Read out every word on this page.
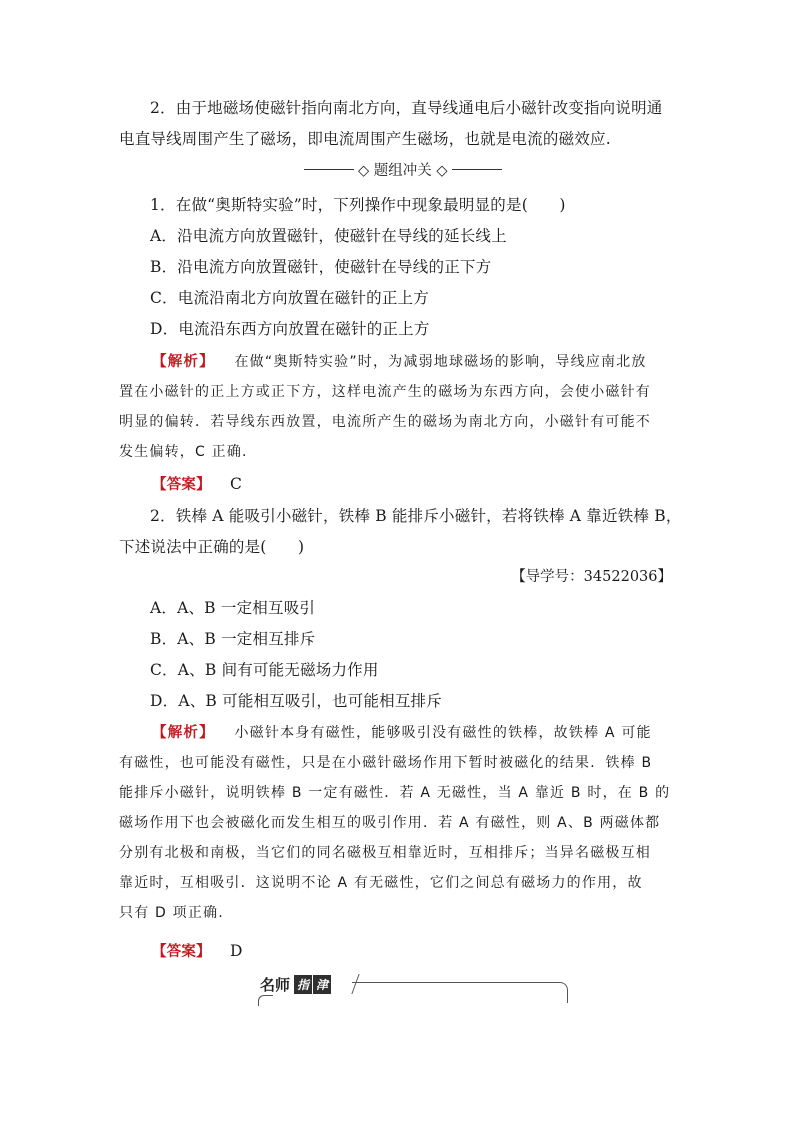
2．由于地磁场使磁针指向南北方向，直导线通电后小磁针改变指向说明通
电直导线周围产生了磁场，即电流周围产生磁场，也就是电流的磁效应.
◇ 题组冲关 ◇
1．在做“奥斯特实验”时，下列操作中现象最明显的是(　　)
A．沿电流方向放置磁针，使磁针在导线的延长线上
B．沿电流方向放置磁针，使磁针在导线的正下方
C．电流沿南北方向放置在磁针的正上方
D．电流沿东西方向放置在磁针的正上方
【解析】 在做“奥斯特实验”时，为减弱地球磁场的影响，导线应南北放
置在小磁针的正上方或正下方，这样电流产生的磁场为东西方向，会使小磁针有
明显的偏转．若导线东西放置，电流所产生的磁场为南北方向，小磁针有可能不
发生偏转，C 正确.
【答案】 C
2．铁棒 A 能吸引小磁针，铁棒 B 能排斥小磁针，若将铁棒 A 靠近铁棒 B，
下述说法中正确的是(　　)
【导学号：34522036】
A．A、B 一定相互吸引
B．A、B 一定相互排斥
C．A、B 间有可能无磁场力作用
D．A、B 可能相互吸引，也可能相互排斥
【解析】 小磁针本身有磁性，能够吸引没有磁性的铁棒，故铁棒 A 可能
有磁性，也可能没有磁性，只是在小磁针磁场作用下暂时被磁化的结果．铁棒 B
能排斥小磁针，说明铁棒 B 一定有磁性．若 A 无磁性，当 A 靠近 B 时，在 B 的
磁场作用下也会被磁化而发生相互的吸引作用．若 A 有磁性，则 A、B 两磁体都
分别有北极和南极，当它们的同名磁极互相靠近时，互相排斥；当异名磁极互相
靠近时，互相吸引．这说明不论 A 有无磁性，它们之间总有磁场力的作用，故
只有 D 项正确.
【答案】 D
名师 指 津
